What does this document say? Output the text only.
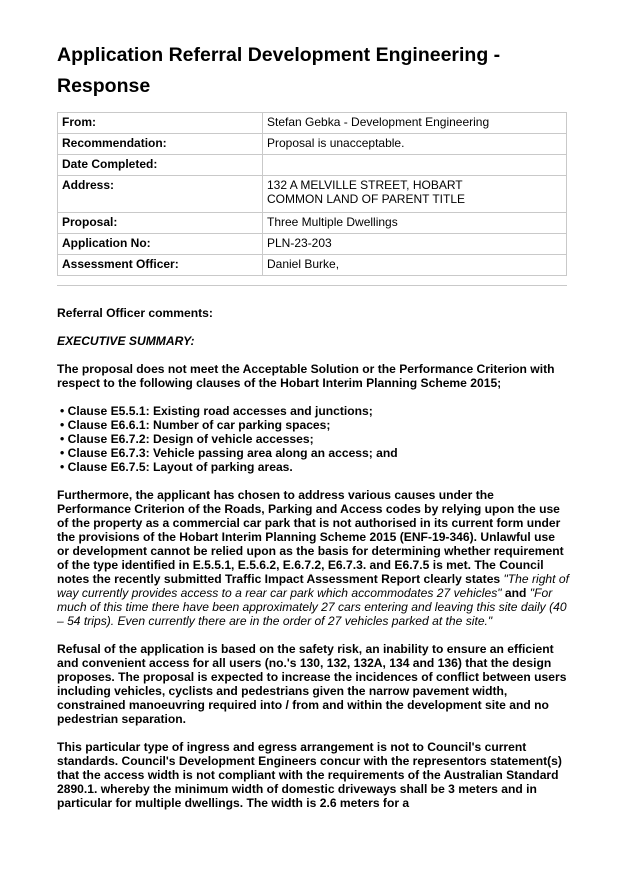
Application Referral Development Engineering - Response
From:	Stefan Gebka - Development Engineering
Recommendation:	Proposal is unacceptable.
Date Completed:	
Address:	132 A MELVILLE STREET, HOBART
COMMON LAND OF PARENT TITLE

Proposal:	Three Multiple Dwellings
Application No:	PLN-23-203
Assessment Officer:	Daniel Burke,

Referral Officer comments:

EXECUTIVE SUMMARY:

The proposal does not meet the Acceptable Solution or the Performance Criterion with respect to the following clauses of the Hobart Interim Planning Scheme 2015;

• Clause E5.5.1: Existing road accesses and junctions;
• Clause E6.6.1: Number of car parking spaces;
• Clause E6.7.2: Design of vehicle accesses;
• Clause E6.7.3: Vehicle passing area along an access; and
• Clause E6.7.5: Layout of parking areas.

Furthermore, the applicant has chosen to address various causes under the Performance Criterion of the Roads, Parking and Access codes by relying upon the use of the property as a commercial car park that is not authorised in its current form under the provisions of the Hobart Interim Planning Scheme 2015 (ENF-19-346). Unlawful use or development cannot be relied upon as the basis for determining whether requirement of the type identified in E.5.5.1, E.5.6.2, E.6.7.2, E6.7.3. and E6.7.5 is met. The Council notes the recently submitted Traffic Impact Assessment Report clearly states "The right of way currently provides access to a rear car park which accommodates 27 vehicles" and "For much of this time there have been approximately 27 cars entering and leaving this site daily (40 – 54 trips). Even currently there are in the order of 27 vehicles parked at the site."

Refusal of the application is based on the safety risk, an inability to ensure an efficient and convenient access for all users (no.'s 130, 132, 132A, 134 and 136) that the design proposes. The proposal is expected to increase the incidences of conflict between users including vehicles, cyclists and pedestrians given the narrow pavement width, constrained manoeuvring required into / from and within the development site and no pedestrian separation.

This particular type of ingress and egress arrangement is not to Council's current standards. Council's Development Engineers concur with the representors statement(s) that the access width is not compliant with the requirements of the Australian Standard 2890.1. whereby the minimum width of domestic driveways shall be 3 meters and in particular for multiple dwellings. The width is 2.6 meters for a
